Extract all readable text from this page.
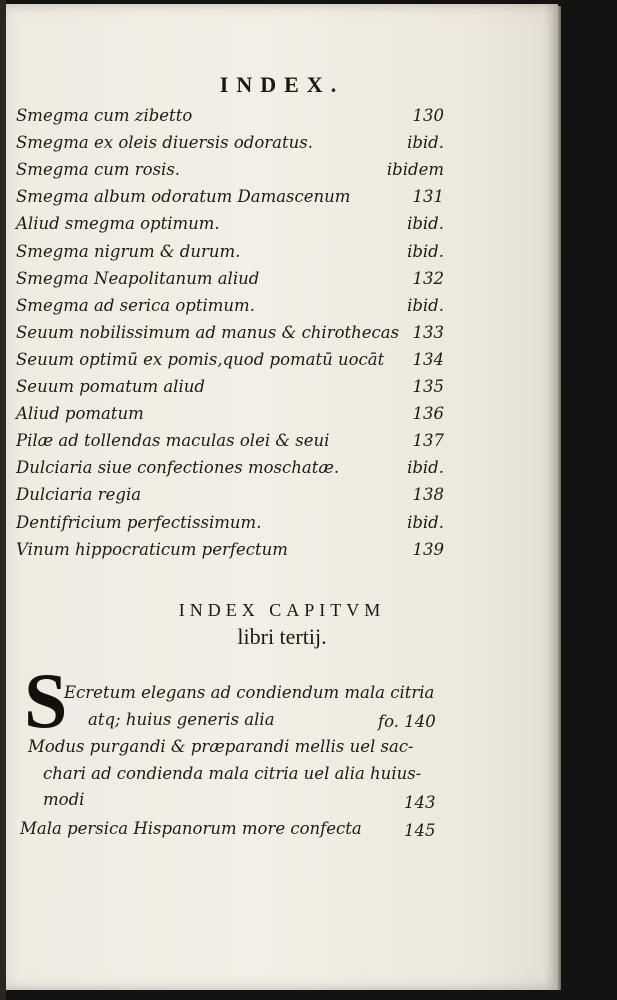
INDEX.
Smegma cum zibetto	130
Smegma ex oleis diuersis odoratus.	ibid.
Smegma cum rosis.	ibidem
Smegma album odoratum Damascenum	131
Aliud smegma optimum.	ibid.
Smegma nigrum & durum.	ibid.
Smegma Neapolitanum aliud	132
Smegma ad serica optimum.	ibid.
Seuum nobilissimum ad manus & chirothecas 133
Seuum optimū ex pomis,quod pomatū uocāt 134
Seuum pomatum aliud	135
Aliud pomatum	136
Pilæ ad tollendas maculas olei & seui	137
Dulciaria siue confectiones moschatæ.	ibid.
Dulciaria regia	138
Dentifricium perfectissimum.	ibid.
Vinum hippocraticum perfectum	139
INDEX CAPITVM
libri tertij.
S
Ecretum elegans ad condiendum mala citria
atq; huius generis alia	fo. 140
Modus purgandi & præparandi mellis uel sac-
chari ad condienda mala citria uel alia huius-
modi	143
Mala persica Hispanorum more confecta	145
